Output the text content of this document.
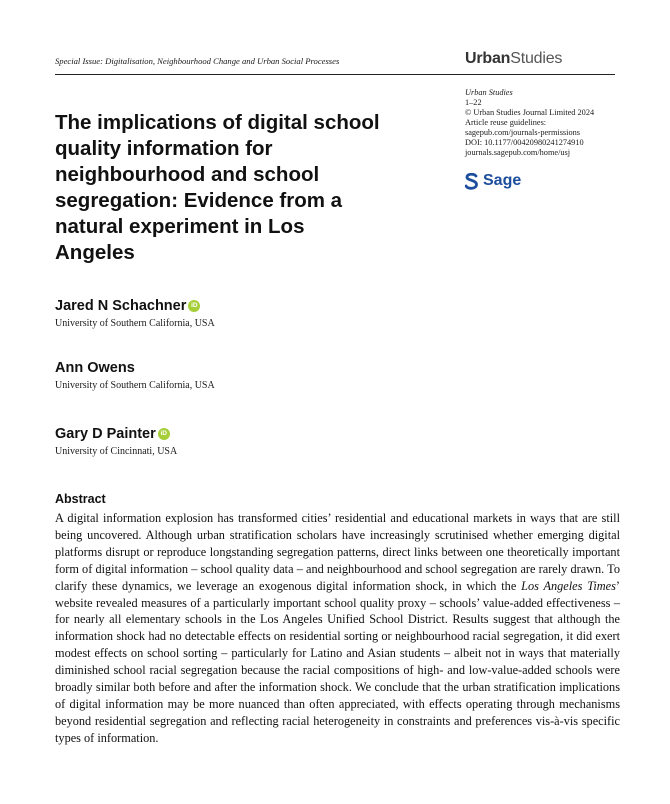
Special Issue: Digitalisation, Neighbourhood Change and Urban Social Processes	UrbanStudies
Urban Studies
1–22
© Urban Studies Journal Limited 2024
Article reuse guidelines:
sagepub.com/journals-permissions
DOI: 10.1177/00420980241274910
journals.sagepub.com/home/usj
Sage
The implications of digital school quality information for neighbourhood and school segregation: Evidence from a natural experiment in Los Angeles
Jared N Schachner
iD
University of Southern California, USA
Ann Owens
University of Southern California, USA
Gary D Painter
iD
University of Cincinnati, USA
Abstract

A digital information explosion has transformed cities’ residential and educational markets in ways that are still being uncovered. Although urban stratification scholars have increasingly scrutinised whether emerging digital platforms disrupt or reproduce longstanding segregation patterns, direct links between one theoretically important form of digital information – school quality data – and neighbourhood and school segregation are rarely drawn. To clarify these dynamics, we leverage an exogenous digital information shock, in which the Los Angeles Times’ website revealed measures of a particularly important school quality proxy – schools’ value-added effectiveness – for nearly all elementary schools in the Los Angeles Unified School District. Results suggest that although the information shock had no detectable effects on residential sorting or neighbourhood racial segregation, it did exert modest effects on school sorting – particularly for Latino and Asian students – albeit not in ways that materially diminished school racial segregation because the racial compositions of high- and low-value-added schools were broadly similar both before and after the information shock. We conclude that the urban stratification implications of digital information may be more nuanced than often appreciated, with effects operating through mechanisms beyond residential segregation and reflecting racial heterogeneity in constraints and preferences vis-à-vis specific types of information.
